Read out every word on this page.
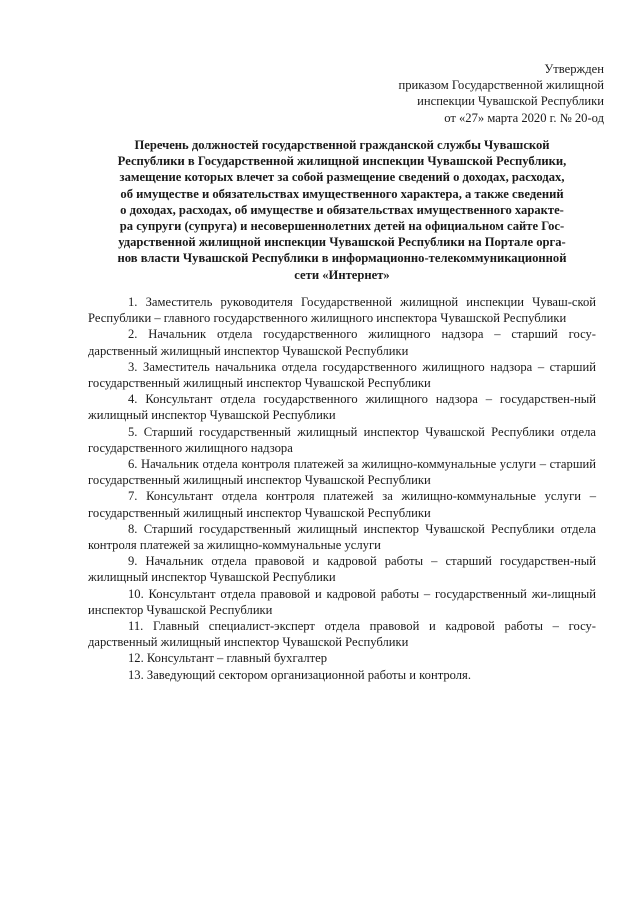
Утвержден
приказом Государственной жилищной
инспекции Чувашской Республики
от «27» марта 2020 г. № 20-од
Перечень должностей государственной гражданской службы Чувашской
Республики в Государственной жилищной инспекции Чувашской Республики,
замещение которых влечет за собой размещение сведений о доходах, расходах,
об имуществе и обязательствах имущественного характера, а также сведений
о доходах, расходах, об имуществе и обязательствах имущественного характе-
ра супруги (супруга) и несовершеннолетних детей на официальном сайте Гос-
ударственной жилищной инспекции Чувашской Республики на Портале орга-
нов власти Чувашской Республики в информационно-телекоммуникационной
сети «Интернет»

1. Заместитель руководителя Государственной жилищной инспекции Чуваш-ской Республики – главного государственного жилищного инспектора Чувашской Республики

2. Начальник отдела государственного жилищного надзора – старший госу-дарственный жилищный инспектор Чувашской Республики

3. Заместитель начальника отдела государственного жилищного надзора – старший государственный жилищный инспектор Чувашской Республики

4. Консультант отдела государственного жилищного надзора – государствен-ный жилищный инспектор Чувашской Республики

5. Старший государственный жилищный инспектор Чувашской Республики отдела государственного жилищного надзора

6. Начальник отдела контроля платежей за жилищно-коммунальные услуги – старший государственный жилищный инспектор Чувашской Республики

7. Консультант отдела контроля платежей за жилищно-коммунальные услуги – государственный жилищный инспектор Чувашской Республики

8. Старший государственный жилищный инспектор Чувашской Республики отдела контроля платежей за жилищно-коммунальные услуги

9. Начальник отдела правовой и кадровой работы – старший государствен-ный жилищный инспектор Чувашской Республики

10. Консультант отдела правовой и кадровой работы – государственный жи-лищный инспектор Чувашской Республики

11. Главный специалист-эксперт отдела правовой и кадровой работы – госу-дарственный жилищный инспектор Чувашской Республики

12. Консультант – главный бухгалтер

13. Заведующий сектором организационной работы и контроля.
